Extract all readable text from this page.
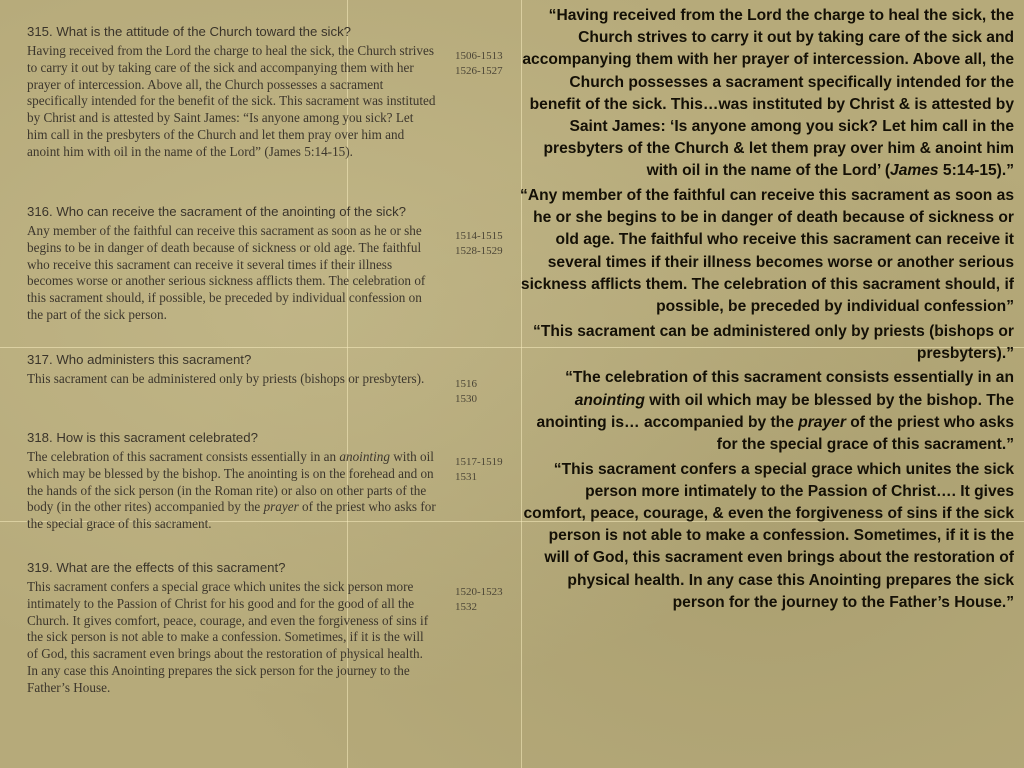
315. What is the attitude of the Church toward the sick?
Having received from the Lord the charge to heal the sick, the Church strives to carry it out by taking care of the sick and accompanying them with her prayer of intercession. Above all, the Church possesses a sacrament specifically intended for the benefit of the sick. This sacrament was instituted by Christ and is attested by Saint James: “Is anyone among you sick? Let him call in the presbyters of the Church and let them pray over him and anoint him with oil in the name of the Lord” (James 5:14-15).
1506-1513
1526-1527
316. Who can receive the sacrament of the anointing of the sick?
Any member of the faithful can receive this sacrament as soon as he or she begins to be in danger of death because of sickness or old age. The faithful who receive this sacrament can receive it several times if their illness becomes worse or another serious sickness afflicts them. The celebration of this sacrament should, if possible, be preceded by individual confession on the part of the sick person.
1514-1515
1528-1529
317. Who administers this sacrament?
This sacrament can be administered only by priests (bishops or presbyters).	1516
1530
318. How is this sacrament celebrated?
The celebration of this sacrament consists essentially in an anointing with oil which may be blessed by the bishop. The anointing is on the forehead and on the hands of the sick person (in the Roman rite) or also on other parts of the body (in the other rites) accompanied by the prayer of the priest who asks for the special grace of this sacrament.
1517-1519
1531
319. What are the effects of this sacrament?
This sacrament confers a special grace which unites the sick person more intimately to the Passion of Christ for his good and for the good of all the Church. It gives comfort, peace, courage, and even the forgiveness of sins if the sick person is not able to make a confession. Sometimes, if it is the will of God, this sacrament even brings about the restoration of physical health. In any case this Anointing prepares the sick person for the journey to the Father’s House.
1520-1523
1532

“Having received from the Lord the charge to heal the sick, the Church strives to carry it out by taking care of the sick and accompanying them with her prayer of intercession. Above all, the Church possesses a sacrament specifically intended for the benefit of the sick. This…was instituted by Christ & is attested by Saint James: ‘Is anyone among you sick? Let him call in the presbyters of the Church & let them pray over him & anoint him with oil in the name of the Lord’ (James 5:14-15).”

“Any member of the faithful can receive this sacrament as soon as he or she begins to be in danger of death because of sickness or old age. The faithful who receive this sacrament can receive it several times if their illness becomes worse or another serious sickness afflicts them. The celebration of this sacrament should, if possible, be preceded by individual confession”

“This sacrament can be administered only by priests (bishops or presbyters).”

“The celebration of this sacrament consists essentially in an anointing with oil which may be blessed by the bishop. The anointing is… accompanied by the prayer of the priest who asks for the special grace of this sacrament.”

“This sacrament confers a special grace which unites the sick person more intimately to the Passion of Christ…. It gives comfort, peace, courage, & even the forgiveness of sins if the sick person is not able to make a confession. Sometimes, if it is the will of God, this sacrament even brings about the restoration of physical health. In any case this Anointing prepares the sick person for the journey to the Father’s House.”
